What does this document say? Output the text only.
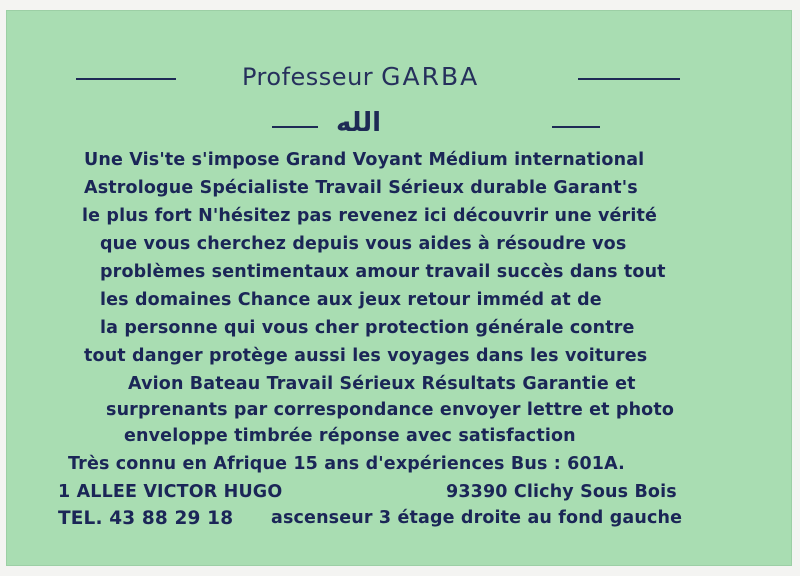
Professeur GARBA
الله
Une Vis'te s'impose Grand Voyant Médium international
Astrologue Spécialiste Travail Sérieux durable Garant's
le plus fort N'hésitez pas revenez ici découvrir une vérité
que vous cherchez depuis vous aides à résoudre vos
problèmes sentimentaux amour travail succès dans tout
les domaines Chance aux jeux retour imméd at de
la personne qui vous cher protection générale contre
tout danger protège aussi les voyages dans les voitures
Avion Bateau Travail Sérieux Résultats Garantie et
surprenants par correspondance envoyer lettre et photo
enveloppe timbrée réponse avec satisfaction
Très connu en Afrique 15 ans d'expériences Bus : 601A.
1 ALLEE VICTOR HUGO	93390 Clichy Sous Bois
TEL. 43 88 29 18 ascenseur 3 étage droite au fond gauche
